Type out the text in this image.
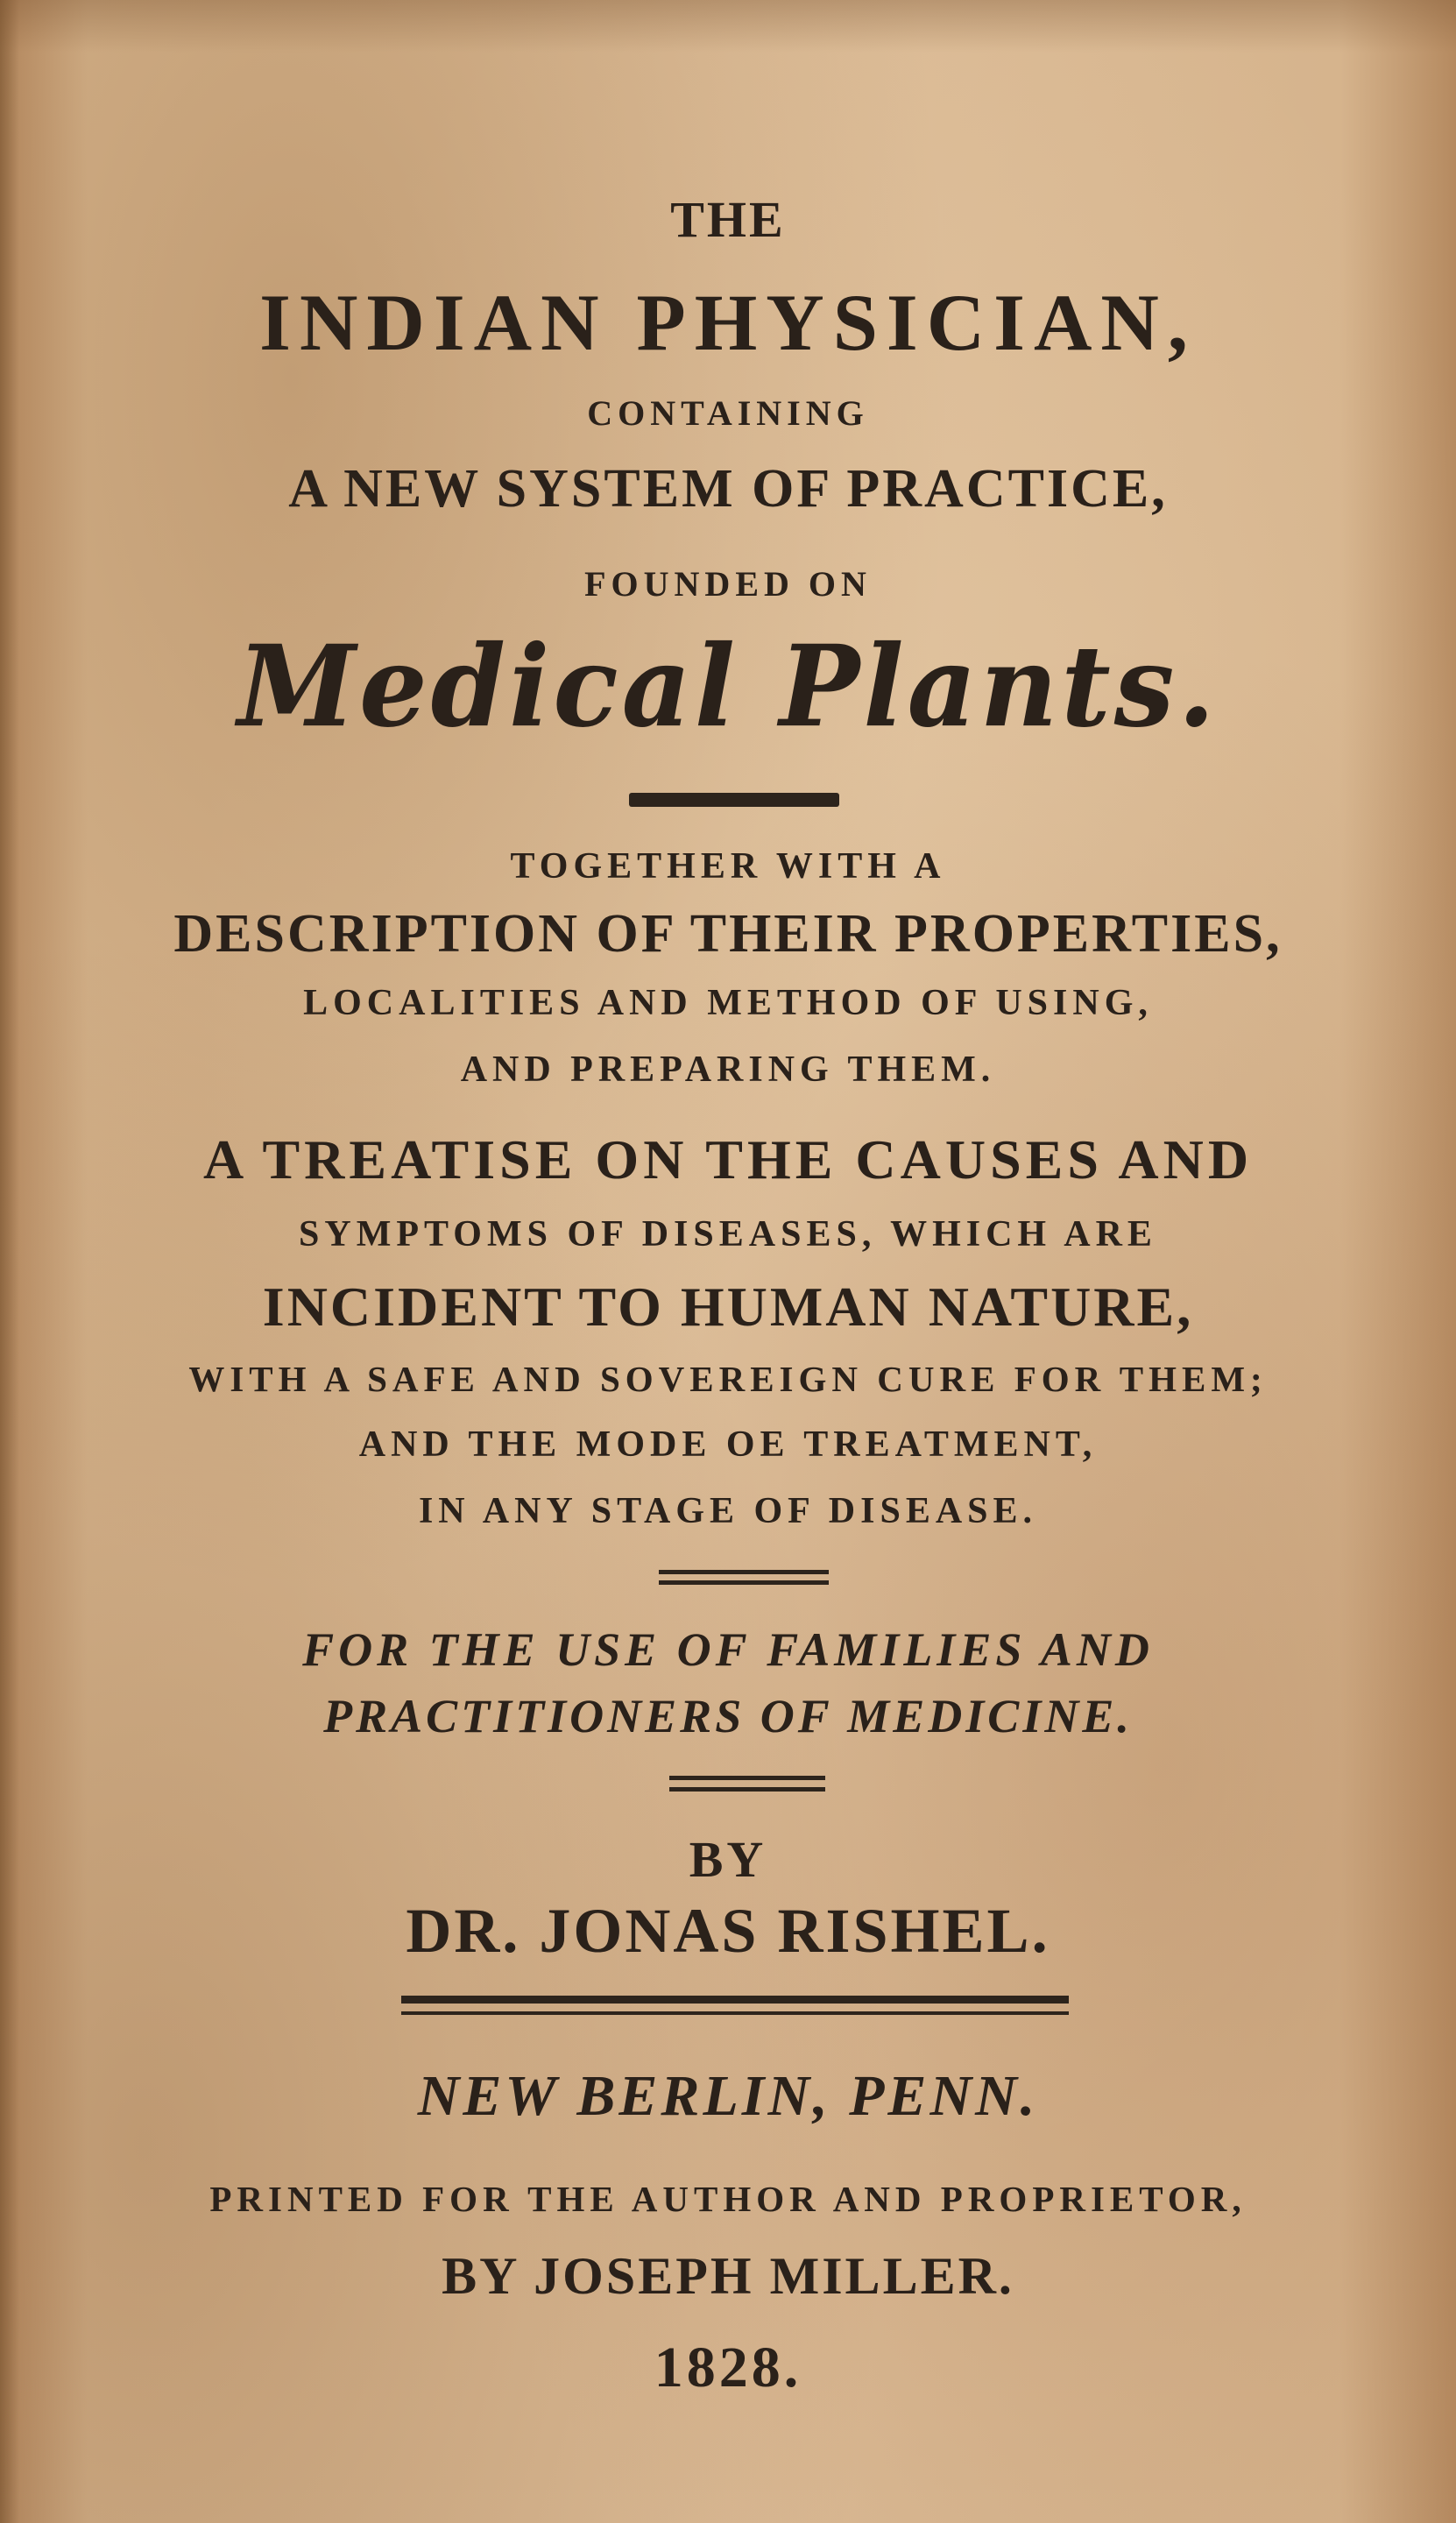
THE
INDIAN PHYSICIAN,
CONTAINING
A NEW SYSTEM OF PRACTICE,
FOUNDED ON
Medical Plants.
TOGETHER WITH A
DESCRIPTION OF THEIR PROPERTIES,
LOCALITIES AND METHOD OF USING,
AND PREPARING THEM.
A TREATISE ON THE CAUSES AND
SYMPTOMS OF DISEASES, WHICH ARE
INCIDENT TO HUMAN NATURE,
WITH A SAFE AND SOVEREIGN CURE FOR THEM;
AND THE MODE OE TREATMENT,
IN ANY STAGE OF DISEASE.
FOR THE USE OF FAMILIES AND
PRACTITIONERS OF MEDICINE.
BY
DR. JONAS RISHEL.
NEW BERLIN, PENN.
PRINTED FOR THE AUTHOR AND PROPRIETOR,
BY JOSEPH MILLER.
1828.
